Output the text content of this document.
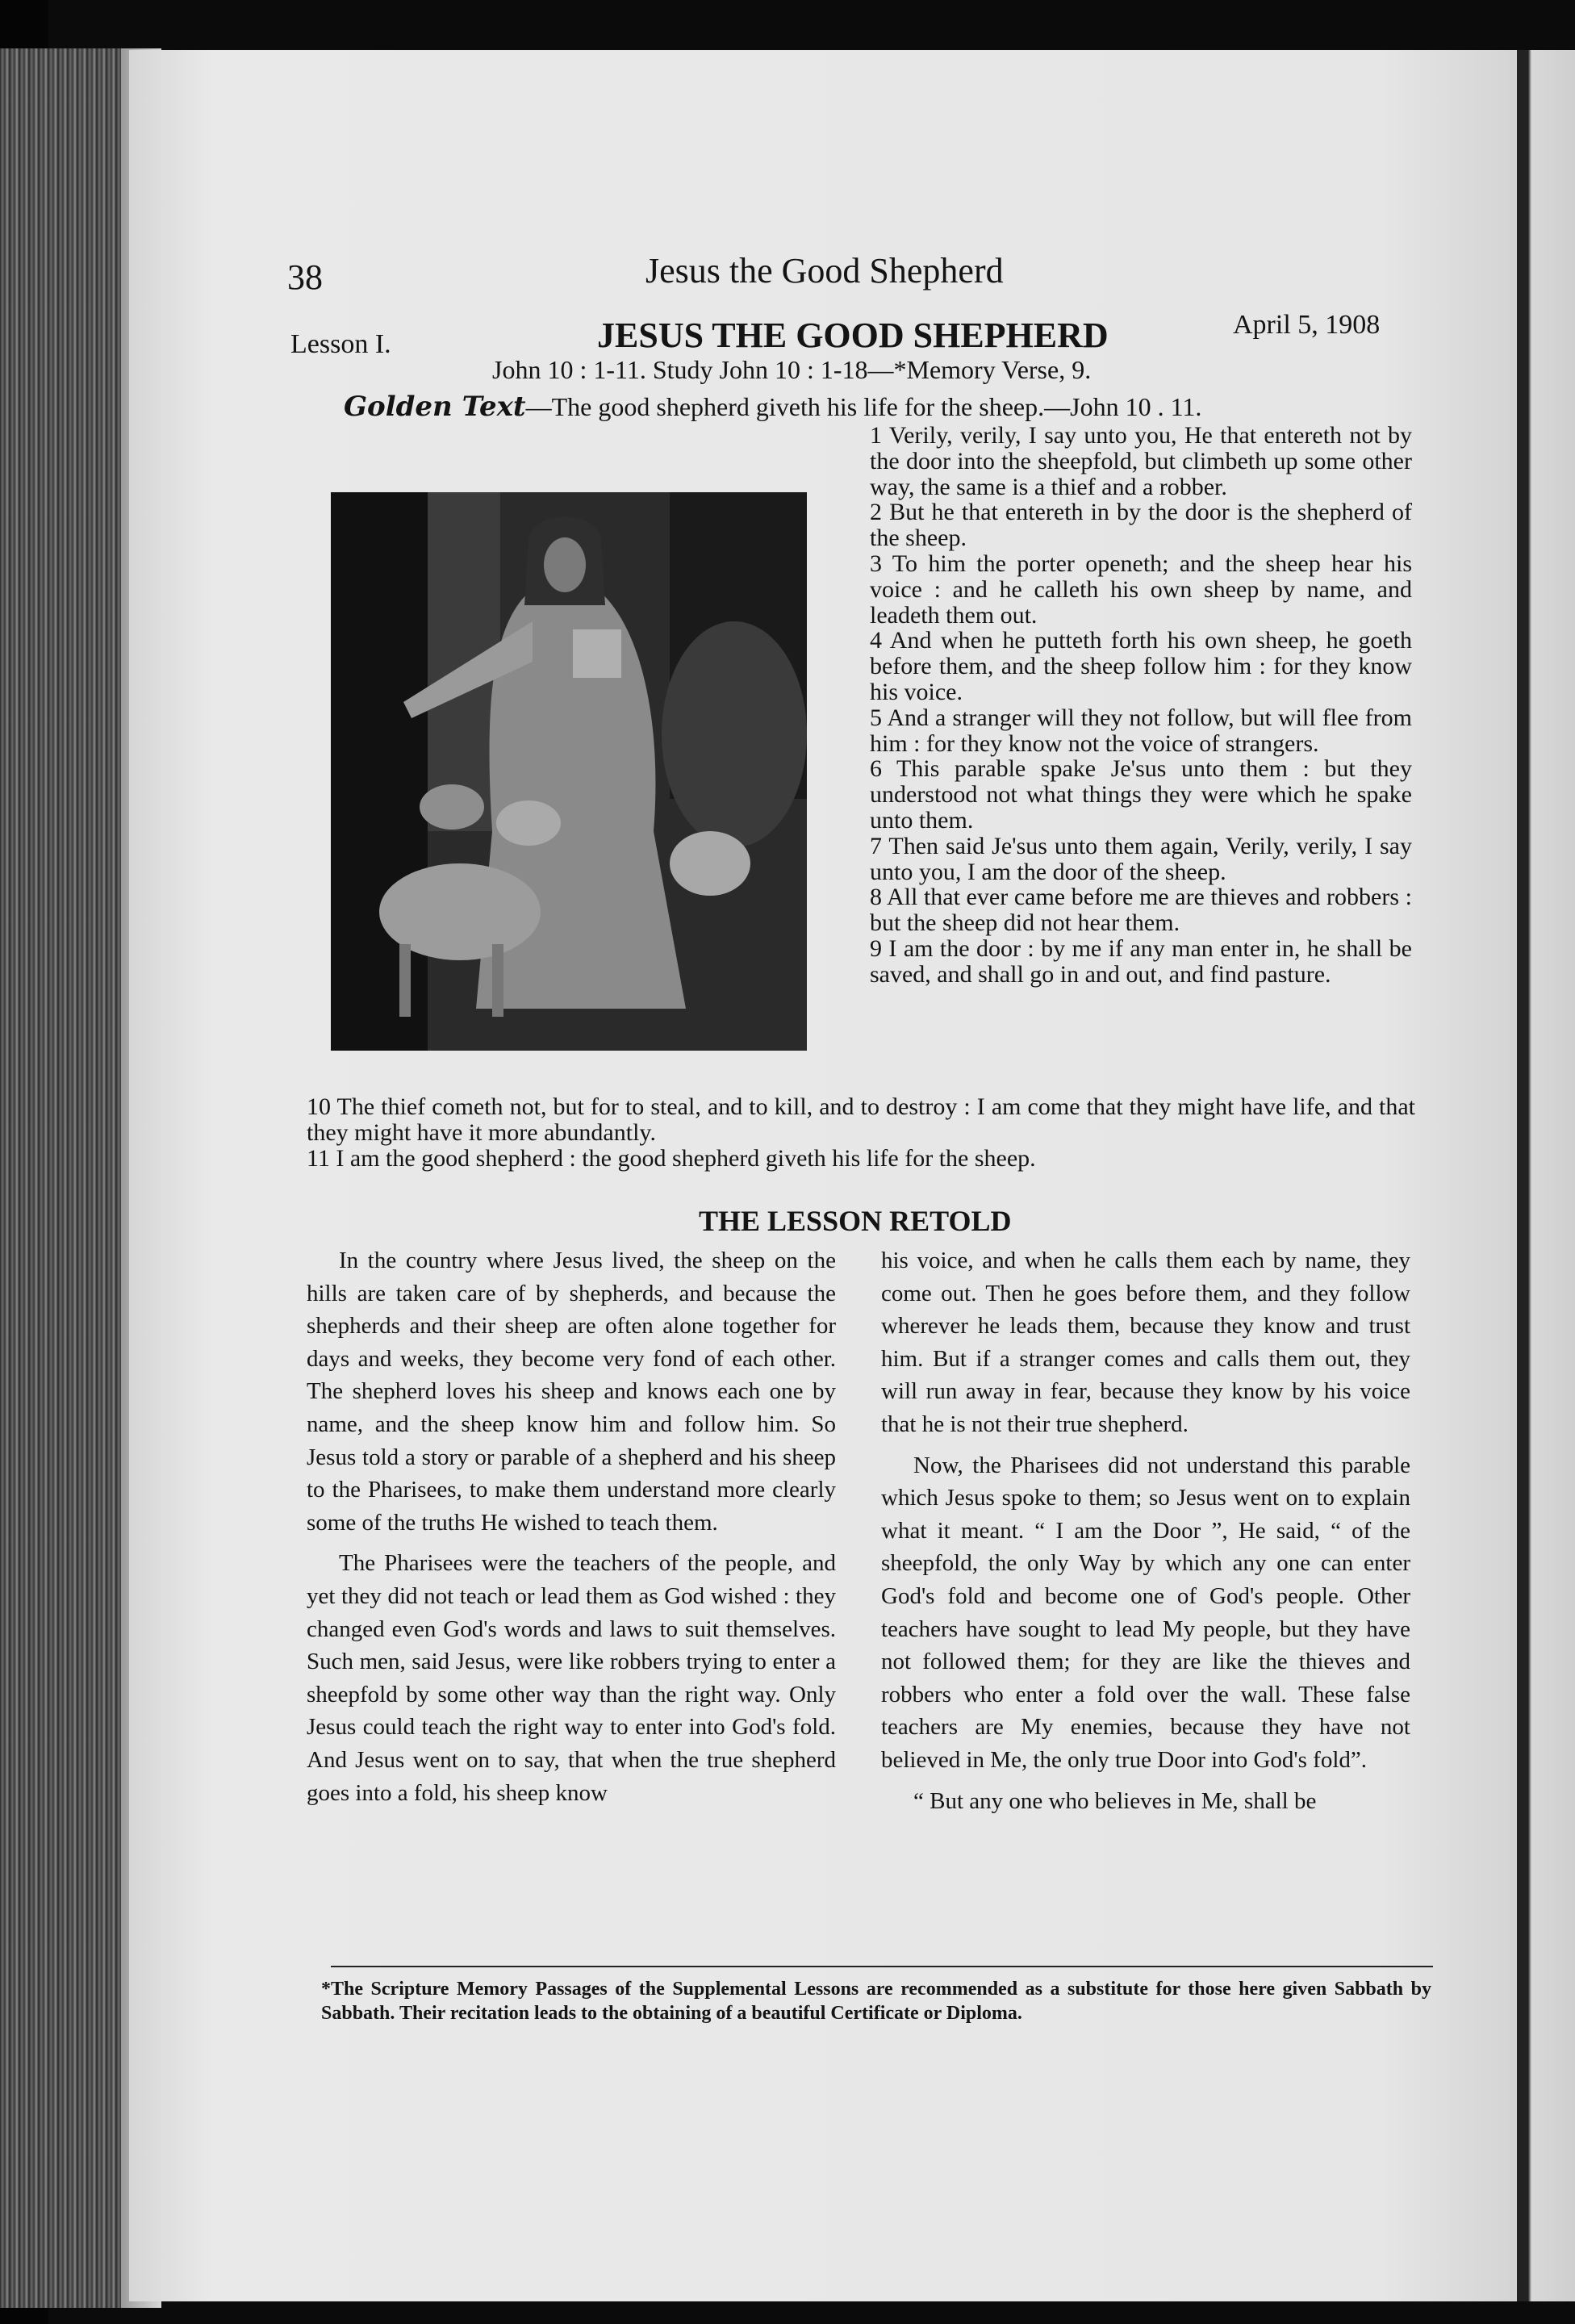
38	Jesus the Good Shepherd
Lesson I.	JESUS THE GOOD SHEPHERD	April 5, 1908
John 10 : 1-11. Study John 10 : 1-18—*Memory Verse, 9.
Golden Text—The good shepherd giveth his life for the sheep.—John 10 . 11.

1 Verily, verily, I say unto you, He that entereth not by the door into the sheepfold, but climbeth up some other way, the same is a thief and a robber.

2 But he that entereth in by the door is the shepherd of the sheep.

3 To him the porter openeth; and the sheep hear his voice : and he calleth his own sheep by name, and leadeth them out.

4 And when he putteth forth his own sheep, he goeth before them, and the sheep follow him : for they know his voice.

5 And a stranger will they not follow, but will flee from him : for they know not the voice of strangers.

6 This parable spake Je'sus unto them : but they understood not what things they were which he spake unto them.

7 Then said Je'sus unto them again, Verily, verily, I say unto you, I am the door of the sheep.

8 All that ever came before me are thieves and robbers : but the sheep did not hear them.

9 I am the door : by me if any man enter in, he shall be saved, and shall go in and out, and find pasture.

10 The thief cometh not, but for to steal, and to kill, and to destroy : I am come that they might have life, and that they might have it more abundantly.

11 I am the good shepherd : the good shepherd giveth his life for the sheep.

THE LESSON RETOLD

In the country where Jesus lived, the sheep on the hills are taken care of by shepherds, and because the shepherds and their sheep are often alone together for days and weeks, they become very fond of each other. The shepherd loves his sheep and knows each one by name, and the sheep know him and follow him. So Jesus told a story or parable of a shepherd and his sheep to the Pharisees, to make them understand more clearly some of the truths He wished to teach them.

The Pharisees were the teachers of the people, and yet they did not teach or lead them as God wished : they changed even God's words and laws to suit themselves. Such men, said Jesus, were like robbers trying to enter a sheepfold by some other way than the right way. Only Jesus could teach the right way to enter into God's fold. And Jesus went on to say, that when the true shepherd goes into a fold, his sheep know

his voice, and when he calls them each by name, they come out. Then he goes before them, and they follow wherever he leads them, because they know and trust him. But if a stranger comes and calls them out, they will run away in fear, because they know by his voice that he is not their true shepherd.

Now, the Pharisees did not understand this parable which Jesus spoke to them; so Jesus went on to explain what it meant. “ I am the Door ”, He said, “ of the sheepfold, the only Way by which any one can enter God's fold and become one of God's people. Other teachers have sought to lead My people, but they have not followed them; for they are like the thieves and robbers who enter a fold over the wall. These false teachers are My enemies, because they have not believed in Me, the only true Door into God's fold”.

“ But any one who believes in Me, shall be

*The Scripture Memory Passages of the Supplemental Lessons are recommended as a substitute for those here given Sabbath by Sabbath. Their recitation leads to the obtaining of a beautiful Certificate or Diploma.
